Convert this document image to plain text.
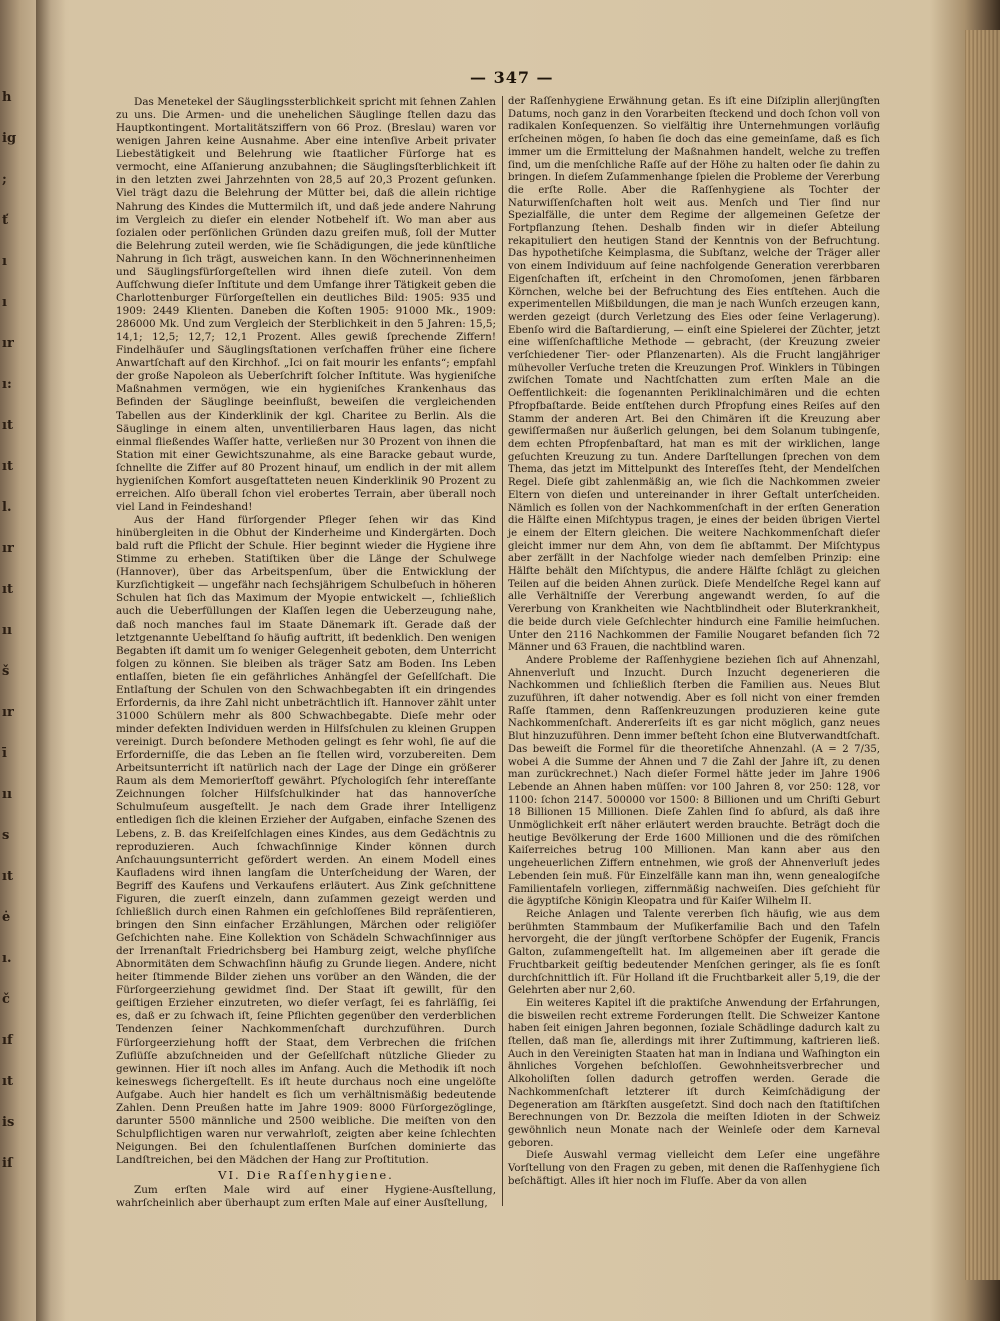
h
ig
;
ť
ı
ı
ır
ı:
ıt
ıt
l.
ır
ıt
ıı
š
ır
ī
ıı
s
ıt
ė
ı.
č
ıf
ıt
is
iſ
— 347 —

Das Menetekel der Säuglingssterblichkeit spricht mit ſehnen Zahlen zu uns. Die Armen- und die unehelichen Säuglinge ſtellen dazu das Hauptkontingent. Mortalitätsziffern von 66 Proz. (Breslau) waren vor wenigen Jahren keine Ausnahme. Aber eine intenſive Arbeit privater Liebestätigkeit und Belehrung wie ſtaatlicher Fürſorge hat es vermocht, eine Aſſanierung anzubahnen; die Säuglingsſterblichkeit iſt in den letzten zwei Jahrzehnten von 28,5 auf 20,3 Prozent geſunken. Viel trägt dazu die Belehrung der Mütter bei, daß die allein richtige Nahrung des Kindes die Muttermilch iſt, und daß jede andere Nahrung im Vergleich zu dieſer ein elender Notbehelf iſt. Wo man aber aus ſozialen oder perſönlichen Gründen dazu greifen muß, ſoll der Mutter die Belehrung zuteil werden, wie ſie Schädigungen, die jede künſtliche Nahrung in ſich trägt, ausweichen kann. In den Wöchnerinnenheimen und Säuglingsfürſorgeſtellen wird ihnen dieſe zuteil. Von dem Aufſchwung dieſer Inſtitute und dem Umfange ihrer Tätigkeit geben die Charlottenburger Fürſorgeſtellen ein deutliches Bild: 1905: 935 und 1909: 2449 Klienten. Daneben die Koſten 1905: 91000 Mk., 1909: 286000 Mk. Und zum Vergleich der Sterblichkeit in den 5 Jahren: 15,5; 14,1; 12,5; 12,7; 12,1 Prozent. Alles gewiß ſprechende Ziffern! Findelhäuſer und Säuglingsſtationen verſchaffen früher eine ſichere Anwartſchaft auf den Kirchhof. „Ici on fait mourir les enfants“; empfahl der große Napoleon als Ueberſchrift ſolcher Inſtitute. Was hygieniſche Maßnahmen vermögen, wie ein hygieniſches Krankenhaus das Befinden der Säuglinge beeinflußt, beweiſen die vergleichenden Tabellen aus der Kinderklinik der kgl. Charitee zu Berlin. Als die Säuglinge in einem alten, unventilierbaren Haus lagen, das nicht einmal fließendes Waſſer hatte, verließen nur 30 Prozent von ihnen die Station mit einer Gewichtszunahme, als eine Baracke gebaut wurde, ſchnellte die Ziffer auf 80 Prozent hinauf, um endlich in der mit allem hygieniſchen Komfort ausgeſtatteten neuen Kinderklinik 90 Prozent zu erreichen. Alſo überall ſchon viel erobertes Terrain, aber überall noch viel Land in Feindeshand!

Aus der Hand fürſorgender Pfleger ſehen wir das Kind hinübergleiten in die Obhut der Kinderheime und Kindergärten. Doch bald ruft die Pflicht der Schule. Hier beginnt wieder die Hygiene ihre Stimme zu erheben. Statiſtiken über die Länge der Schulwege (Hannover), über das Arbeitspenſum, über die Entwicklung der Kurzſichtigkeit — ungefähr nach ſechsjährigem Schulbeſuch in höheren Schulen hat ſich das Maximum der Myopie entwickelt —, ſchließlich auch die Ueberfüllungen der Klaſſen legen die Ueberzeugung nahe, daß noch manches faul im Staate Dänemark iſt. Gerade daß der letztgenannte Uebelſtand ſo häufig auftritt, iſt bedenklich. Den wenigen Begabten iſt damit um ſo weniger Gelegenheit geboten, dem Unterricht folgen zu können. Sie bleiben als träger Satz am Boden. Ins Leben entlaſſen, bieten ſie ein gefährliches Anhängſel der Geſellſchaft. Die Entlaſtung der Schulen von den Schwachbegabten iſt ein dringendes Erfordernis, da ihre Zahl nicht unbeträchtlich iſt. Hannover zählt unter 31000 Schülern mehr als 800 Schwachbegabte. Dieſe mehr oder minder defekten Individuen werden in Hilfsſchulen zu kleinen Gruppen vereinigt. Durch beſondere Methoden gelingt es ſehr wohl, ſie auf die Erforderniſſe, die das Leben an ſie ſtellen wird, vorzubereiten. Dem Arbeitsunterricht iſt natürlich nach der Lage der Dinge ein größerer Raum als dem Memorierſtoff gewährt. Pſychologiſch ſehr intereſſante Zeichnungen ſolcher Hilfsſchulkinder hat das hannoverſche Schulmuſeum ausgeſtellt. Je nach dem Grade ihrer Intelligenz entledigen ſich die kleinen Erzieher der Aufgaben, einfache Szenen des Lebens, z. B. das Kreiſelſchlagen eines Kindes, aus dem Gedächtnis zu reproduzieren. Auch ſchwachſinnige Kinder können durch Anſchauungsunterricht gefördert werden. An einem Modell eines Kaufladens wird ihnen langſam die Unterſcheidung der Waren, der Begriff des Kaufens und Verkaufens erläutert. Aus Zink geſchnittene Figuren, die zuerſt einzeln, dann zuſammen gezeigt werden und ſchließlich durch einen Rahmen ein geſchloſſenes Bild repräſentieren, bringen den Sinn einfacher Erzählungen, Märchen oder religiöſer Geſchichten nahe. Eine Kollektion von Schädeln Schwachſinniger aus der Irrenanſtalt Friedrichsberg bei Hamburg zeigt, welche phyſiſche Abnormitäten dem Schwachſinn häufig zu Grunde liegen. Andere, nicht heiter ſtimmende Bilder ziehen uns vorüber an den Wänden, die der Fürſorgeerziehung gewidmet ſind. Der Staat iſt gewillt, für den geiſtigen Erzieher einzutreten, wo dieſer verſagt, ſei es fahrläſſig, ſei es, daß er zu ſchwach iſt, ſeine Pflichten gegenüber den verderblichen Tendenzen ſeiner Nachkommenſchaft durchzuführen. Durch Fürſorgeerziehung hofft der Staat, dem Verbrechen die friſchen Zuflüſſe abzuſchneiden und der Geſellſchaft nützliche Glieder zu gewinnen. Hier iſt noch alles im Anfang. Auch die Methodik iſt noch keineswegs ſichergeſtellt. Es iſt heute durchaus noch eine ungelöſte Aufgabe. Auch hier handelt es ſich um verhältnismäßig bedeutende Zahlen. Denn Preußen hatte im Jahre 1909: 8000 Fürſorgezöglinge, darunter 5500 männliche und 2500 weibliche. Die meiſten von den Schulpflichtigen waren nur verwahrloſt, zeigten aber keine ſchlechten Neigungen. Bei den ſchulentlaſſenen Burſchen dominierte das Landſtreichen, bei den Mädchen der Hang zur Proſtitution.

VI. Die Raſſenhygiene.

Zum erſten Male wird auf einer Hygiene-Ausſtellung, wahrſcheinlich aber überhaupt zum erſten Male auf einer Ausſtellung,

der Raſſenhygiene Erwähnung getan. Es iſt eine Diſziplin allerjüngſten Datums, noch ganz in den Vorarbeiten ſteckend und doch ſchon voll von radikalen Konſequenzen. So vielfältig ihre Unternehmungen vorläufig erſcheinen mögen, ſo haben ſie doch das eine gemeinſame, daß es ſich immer um die Ermittelung der Maßnahmen handelt, welche zu treffen ſind, um die menſchliche Raſſe auf der Höhe zu halten oder ſie dahin zu bringen. In dieſem Zuſammenhange ſpielen die Probleme der Vererbung die erſte Rolle. Aber die Raſſenhygiene als Tochter der Naturwiſſenſchaften holt weit aus. Menſch und Tier ſind nur Spezialfälle, die unter dem Regime der allgemeinen Geſetze der Fortpflanzung ſtehen. Deshalb finden wir in dieſer Abteilung rekapituliert den heutigen Stand der Kenntnis von der Befruchtung. Das hypothetiſche Keimplasma, die Subſtanz, welche der Träger aller von einem Individuum auf ſeine nachfolgende Generation vererbbaren Eigenſchaften iſt, erſcheint in den Chromoſomen, jenen färbbaren Körnchen, welche bei der Befruchtung des Eies entſtehen. Auch die experimentellen Mißbildungen, die man je nach Wunſch erzeugen kann, werden gezeigt (durch Verletzung des Eies oder ſeine Verlagerung). Ebenſo wird die Baſtardierung, — einſt eine Spielerei der Züchter, jetzt eine wiſſenſchaftliche Methode — gebracht, (der Kreuzung zweier verſchiedener Tier- oder Pflanzenarten). Als die Frucht langjähriger mühevoller Verſuche treten die Kreuzungen Prof. Winklers in Tübingen zwiſchen Tomate und Nachtſchatten zum erſten Male an die Oeffentlichkeit: die ſogenannten Periklinalchimären und die echten Pfropfbaſtarde. Beide entſtehen durch Pfropfung eines Reiſes auf den Stamm der anderen Art. Bei den Chimären iſt die Kreuzung aber gewiſſermaßen nur äußerlich gelungen, bei dem Solanum tubingenſe, dem echten Pfropfenbaſtard, hat man es mit der wirklichen, lange geſuchten Kreuzung zu tun. Andere Darſtellungen ſprechen von dem Thema, das jetzt im Mittelpunkt des Intereſſes ſteht, der Mendelſchen Regel. Dieſe gibt zahlenmäßig an, wie ſich die Nachkommen zweier Eltern von dieſen und untereinander in ihrer Geſtalt unterſcheiden. Nämlich es ſollen von der Nachkommenſchaft in der erſten Generation die Hälfte einen Miſchtypus tragen, je eines der beiden übrigen Viertel je einem der Eltern gleichen. Die weitere Nachkommenſchaft dieſer gleicht immer nur dem Ahn, von dem ſie abſtammt. Der Miſchtypus aber zerfällt in der Nachfolge wieder nach demſelben Prinzip: eine Hälfte behält den Miſchtypus, die andere Hälfte ſchlägt zu gleichen Teilen auf die beiden Ahnen zurück. Dieſe Mendelſche Regel kann auf alle Verhältniſſe der Vererbung angewandt werden, ſo auf die Vererbung von Krankheiten wie Nachtblindheit oder Bluterkrankheit, die beide durch viele Geſchlechter hindurch eine Familie heimſuchen. Unter den 2116 Nachkommen der Familie Nougaret befanden ſich 72 Männer und 63 Frauen, die nachtblind waren.

Andere Probleme der Raſſenhygiene beziehen ſich auf Ahnenzahl, Ahnenverluſt und Inzucht. Durch Inzucht degenerieren die Nachkommen und ſchließlich ſterben die Familien aus. Neues Blut zuzuführen, iſt daher notwendig. Aber es ſoll nicht von einer fremden Raſſe ſtammen, denn Raſſenkreuzungen produzieren keine gute Nachkommenſchaft. Andererſeits iſt es gar nicht möglich, ganz neues Blut hinzuzuführen. Denn immer beſteht ſchon eine Blutverwandtſchaft. Das beweiſt die Formel für die theoretiſche Ahnenzahl. (A = 2 7/35, wobei A die Summe der Ahnen und 7 die Zahl der Jahre iſt, zu denen man zurückrechnet.) Nach dieſer Formel hätte jeder im Jahre 1906 Lebende an Ahnen haben müſſen: vor 100 Jahren 8, vor 250: 128, vor 1100: ſchon 2147. 500000 vor 1500: 8 Billionen und um Chriſti Geburt 18 Billionen 15 Millionen. Dieſe Zahlen ſind ſo abſurd, als daß ihre Unmöglichkeit erſt näher erläutert werden brauchte. Beträgt doch die heutige Bevölkerung der Erde 1600 Millionen und die des römiſchen Kaiſerreiches betrug 100 Millionen. Man kann aber aus den ungeheuerlichen Ziffern entnehmen, wie groß der Ahnenverluſt jedes Lebenden ſein muß. Für Einzelfälle kann man ihn, wenn genealogiſche Familientafeln vorliegen, ziffernmäßig nachweiſen. Dies geſchieht für die ägyptiſche Königin Kleopatra und für Kaiſer Wilhelm II.

Reiche Anlagen und Talente vererben ſich häufig, wie aus dem berühmten Stammbaum der Muſikerfamilie Bach und den Tafeln hervorgeht, die der jüngſt verſtorbene Schöpfer der Eugenik, Francis Galton, zuſammengeſtellt hat. Im allgemeinen aber iſt gerade die Fruchtbarkeit geiſtig bedeutender Menſchen geringer, als ſie es ſonſt durchſchnittlich iſt. Für Holland iſt die Fruchtbarkeit aller 5,19, die der Gelehrten aber nur 2,60.

Ein weiteres Kapitel iſt die praktiſche Anwendung der Erfahrungen, die bisweilen recht extreme Forderungen ſtellt. Die Schweizer Kantone haben ſeit einigen Jahren begonnen, ſoziale Schädlinge dadurch kalt zu ſtellen, daß man ſie, allerdings mit ihrer Zuſtimmung, kaſtrieren ließ. Auch in den Vereinigten Staaten hat man in Indiana und Waſhington ein ähnliches Vorgehen beſchloſſen. Gewohnheitsverbrecher und Alkoholiſten ſollen dadurch getroffen werden. Gerade die Nachkommenſchaft letzterer iſt durch Keimſchädigung der Degeneration am ſtärkſten ausgeſetzt. Sind doch nach den ſtatiſtiſchen Berechnungen von Dr. Bezzola die meiſten Idioten in der Schweiz gewöhnlich neun Monate nach der Weinleſe oder dem Karneval geboren.

Dieſe Auswahl vermag vielleicht dem Leſer eine ungefähre Vorſtellung von den Fragen zu geben, mit denen die Raſſenhygiene ſich beſchäftigt. Alles iſt hier noch im Fluſſe. Aber da von allen
